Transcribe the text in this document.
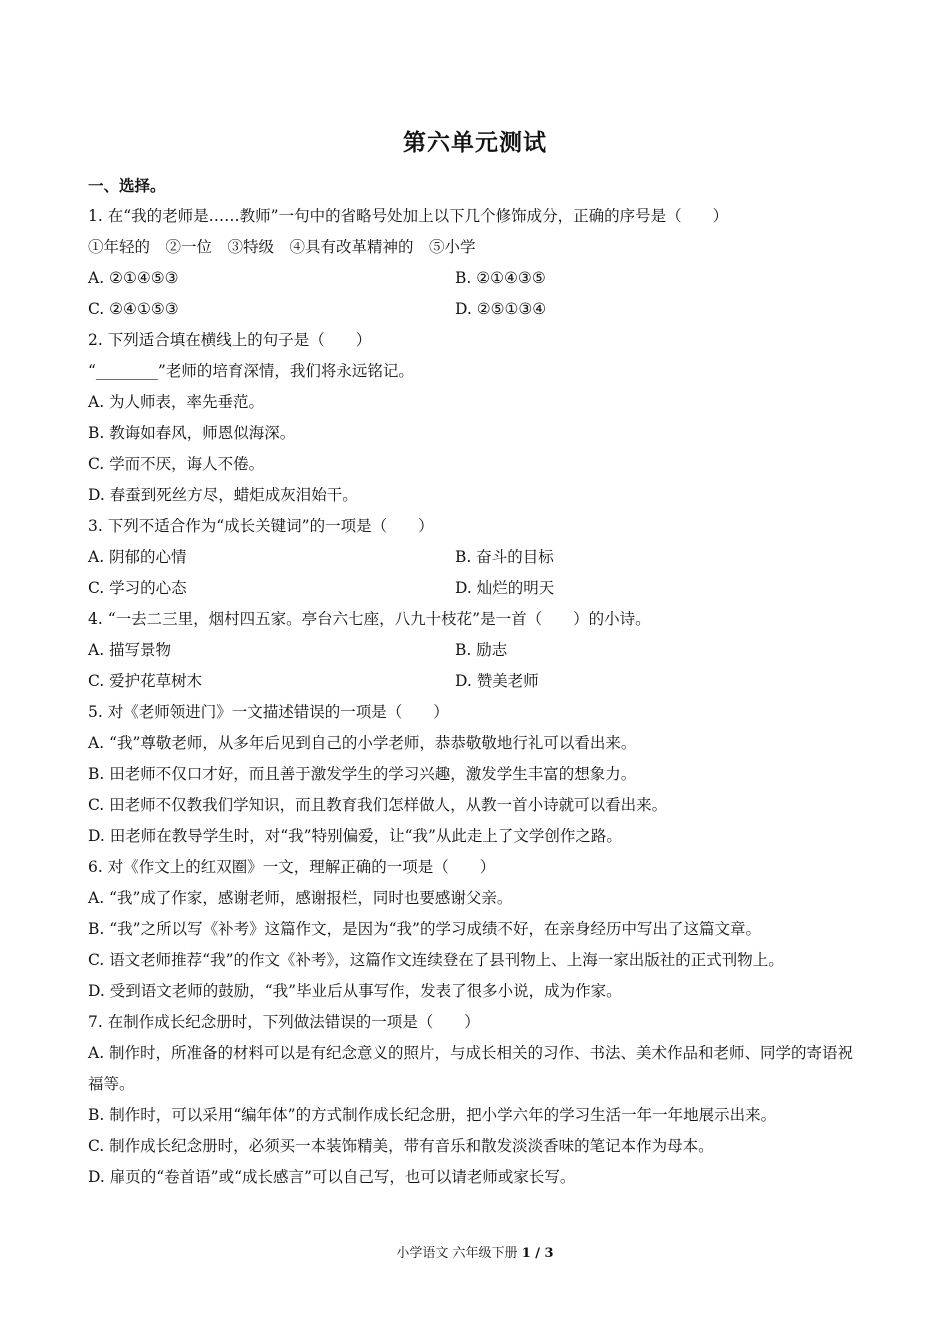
第六单元测试
一、选择。
1. 在“我的老师是……教师”一句中的省略号处加上以下几个修饰成分，正确的序号是（　　）
①年轻的　②一位　③特级　④具有改革精神的　⑤小学
A. ②①④⑤③	B. ②①④③⑤
C. ②④①⑤③	D. ②⑤①③④
2. 下列适合填在横线上的句子是（　　）
“________”老师的培育深情，我们将永远铭记。
A. 为人师表，率先垂范。
B. 教诲如春风，师恩似海深。
C. 学而不厌，诲人不倦。
D. 春蚕到死丝方尽，蜡炬成灰泪始干。
3. 下列不适合作为“成长关键词”的一项是（　　）
A. 阴郁的心情	B. 奋斗的目标
C. 学习的心态	D. 灿烂的明天
4. “一去二三里，烟村四五家。亭台六七座，八九十枝花”是一首（　　）的小诗。
A. 描写景物	B. 励志
C. 爱护花草树木	D. 赞美老师
5. 对《老师领进门》一文描述错误的一项是（　　）
A. “我”尊敬老师，从多年后见到自己的小学老师，恭恭敬敬地行礼可以看出来。
B. 田老师不仅口才好，而且善于激发学生的学习兴趣，激发学生丰富的想象力。
C. 田老师不仅教我们学知识，而且教育我们怎样做人，从教一首小诗就可以看出来。
D. 田老师在教导学生时，对“我”特别偏爱，让“我”从此走上了文学创作之路。
6. 对《作文上的红双圈》一文，理解正确的一项是（　　）
A. “我”成了作家，感谢老师，感谢报栏，同时也要感谢父亲。
B. “我”之所以写《补考》这篇作文，是因为“我”的学习成绩不好，在亲身经历中写出了这篇文章。
C. 语文老师推荐“我”的作文《补考》，这篇作文连续登在了县刊物上、上海一家出版社的正式刊物上。
D. 受到语文老师的鼓励，“我”毕业后从事写作，发表了很多小说，成为作家。
7. 在制作成长纪念册时，下列做法错误的一项是（　　）
A. 制作时，所准备的材料可以是有纪念意义的照片，与成长相关的习作、书法、美术作品和老师、同学的寄语祝福等。
B. 制作时，可以采用“编年体”的方式制作成长纪念册，把小学六年的学习生活一年一年地展示出来。
C. 制作成长纪念册时，必须买一本装饰精美，带有音乐和散发淡淡香味的笔记本作为母本。
D. 扉页的“卷首语”或“成长感言”可以自己写，也可以请老师或家长写。
小学语文 六年级下册 1 / 3
